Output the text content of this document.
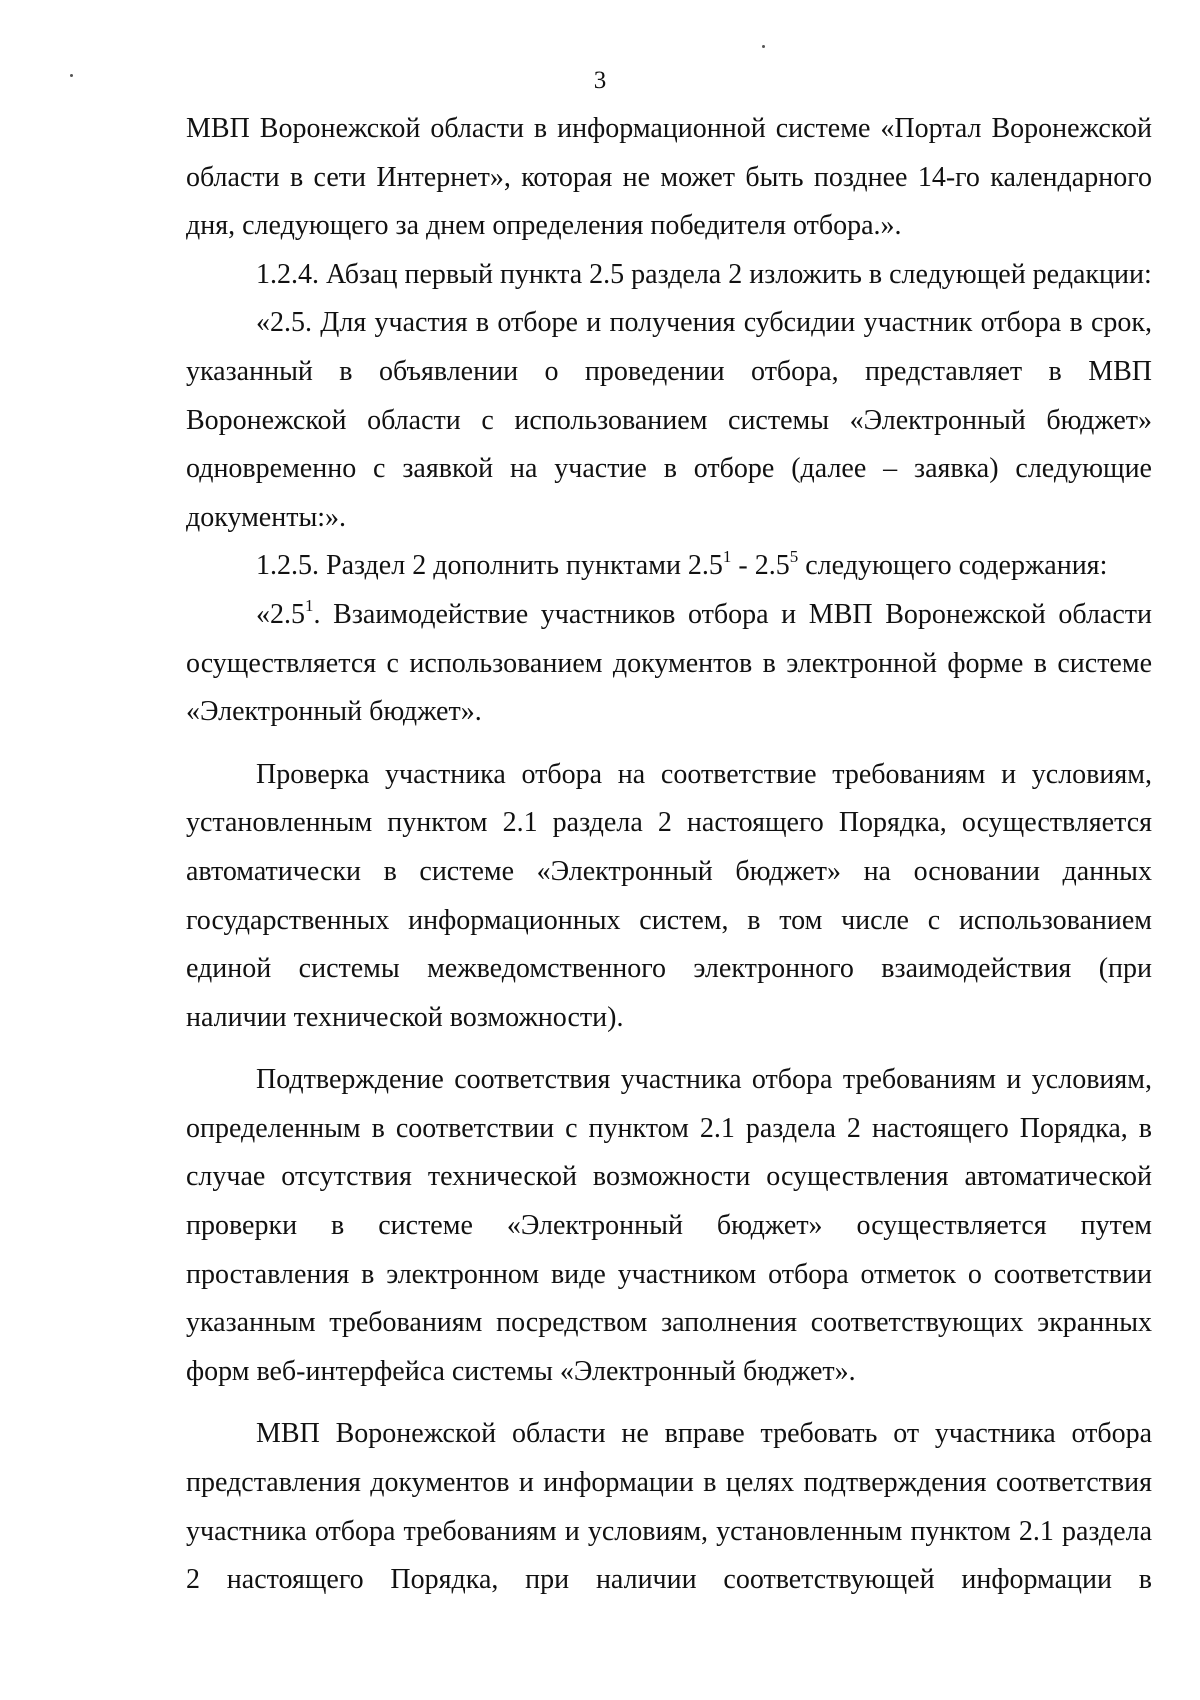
3

МВП Воронежской области в информационной системе «Портал Воронежской области в сети Интернет», которая не может быть позднее 14-го календарного дня, следующего за днем определения победителя отбора.».

1.2.4. Абзац первый пункта 2.5 раздела 2 изложить в следующей редакции:

«2.5. Для участия в отборе и получения субсидии участник отбора в срок, указанный в объявлении о проведении отбора, представляет в МВП Воронежской области с использованием системы «Электронный бюджет» одновременно с заявкой на участие в отборе (далее – заявка) следующие документы:».

1.2.5. Раздел 2 дополнить пунктами $2.5^1 - 2.5^5$ следующего содержания:

«$2.5^1$. Взаимодействие участников отбора и МВП Воронежской области осуществляется с использованием документов в электронной форме в системе «Электронный бюджет».

Проверка участника отбора на соответствие требованиям и условиям, установленным пунктом 2.1 раздела 2 настоящего Порядка, осуществляется автоматически в системе «Электронный бюджет» на основании данных государственных информационных систем, в том числе с использованием единой системы межведомственного электронного взаимодействия (при наличии технической возможности).

Подтверждение соответствия участника отбора требованиям и условиям, определенным в соответствии с пунктом 2.1 раздела 2 настоящего Порядка, в случае отсутствия технической возможности осуществления автоматической проверки в системе «Электронный бюджет» осуществляется путем проставления в электронном виде участником отбора отметок о соответствии указанным требованиям посредством заполнения соответствующих экранных форм веб-интерфейса системы «Электронный бюджет».

МВП Воронежской области не вправе требовать от участника отбора представления документов и информации в целях подтверждения соответствия участника отбора требованиям и условиям, установленным пунктом 2.1 раздела 2 настоящего Порядка, при наличии соответствующей информации в
